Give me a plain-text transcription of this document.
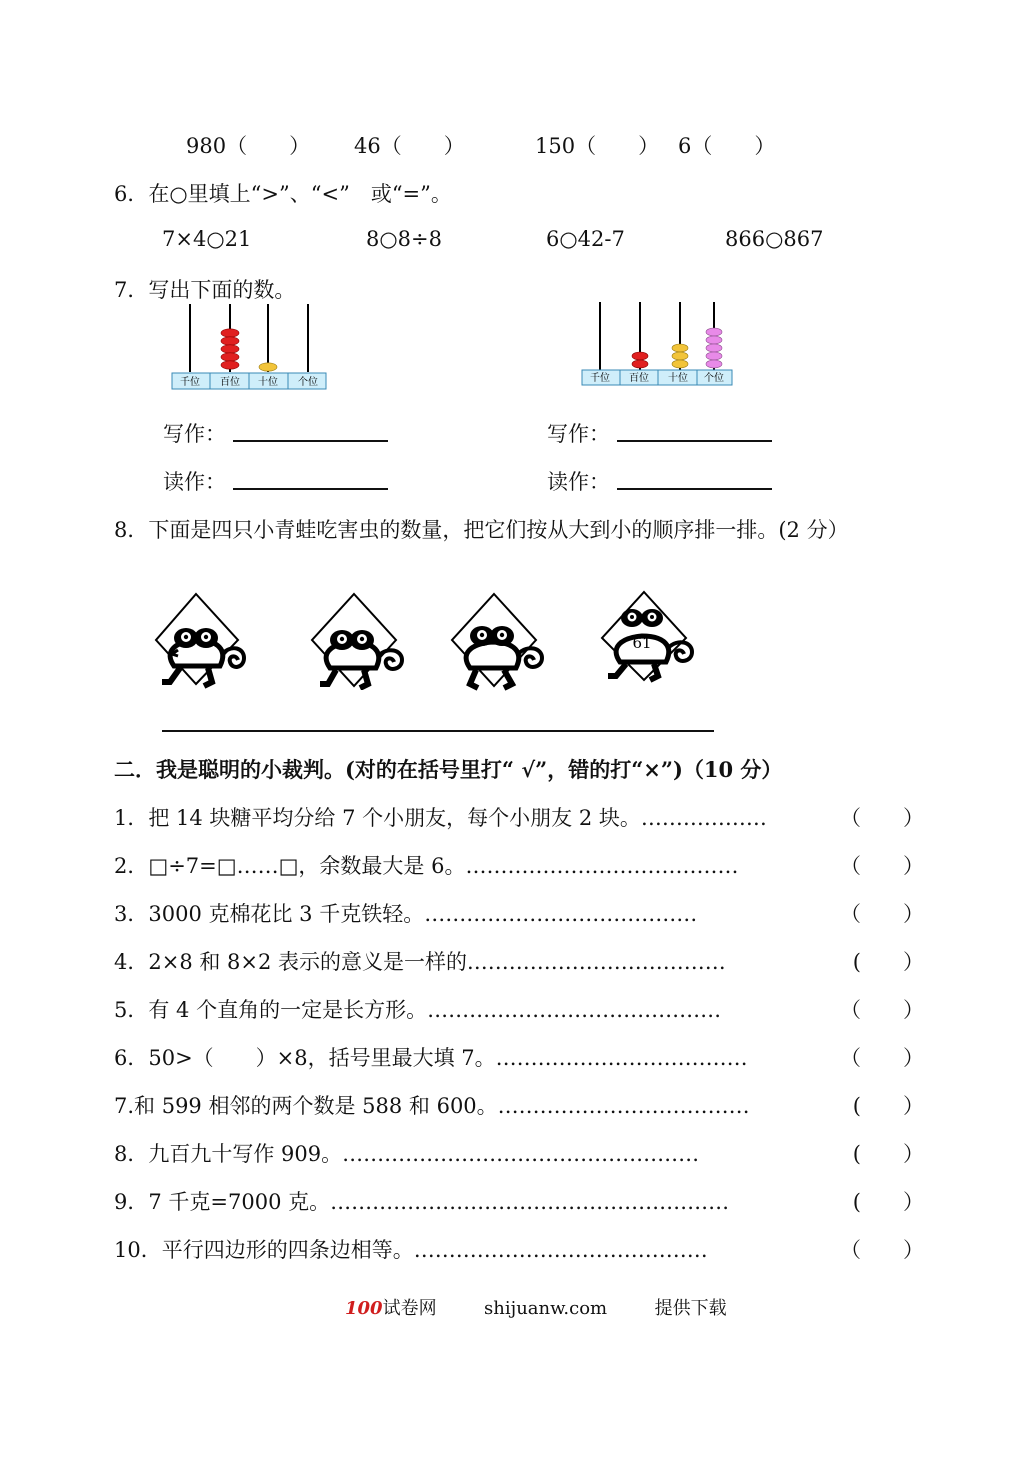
980（　　） 46（　　）	150（　　） 6（　　）
6．在○里填上“>”、“<”　或“=”。
7×4○21	8○8÷8	6○42-7	866○867
7．写出下面的数。
千位 百位 十位 个位	千位 百位 十位 个位
写作：	写作：
读作：	读作：
8．下面是四只小青蛙吃害虫的数量，把它们按从大到小的顺序排一排。(2 分）
61
二．我是聪明的小裁判。(对的在括号里打“ √”，错的打“×”)（10 分）
1．把 14 块糖平均分给 7 个小朋友，每个小朋友 2 块。………………	（　　）
2．□÷7=□……□，余数最大是 6。…………………………………	（　　）
3．3000 克棉花比 3 千克铁轻。…………………………………	（　　）
4．2×8 和 8×2 表示的意义是一样的.………………………………	(　　）
5．有 4 个直角的一定是长方形。……………………………………	（　　）
6．50>（　　）×8，括号里最大填 7。………………………………	（　　）
7.和 599 相邻的两个数是 588 和 600。………………………………	(　　）
8．九百九十写作 909。……………………………………………	(　　）
9．7 千克=7000 克。…………………………………………………	(　　）
10．平行四边形的四条边相等。……………………………………	（　　）
100试卷网	shijuanw.com	提供下载
